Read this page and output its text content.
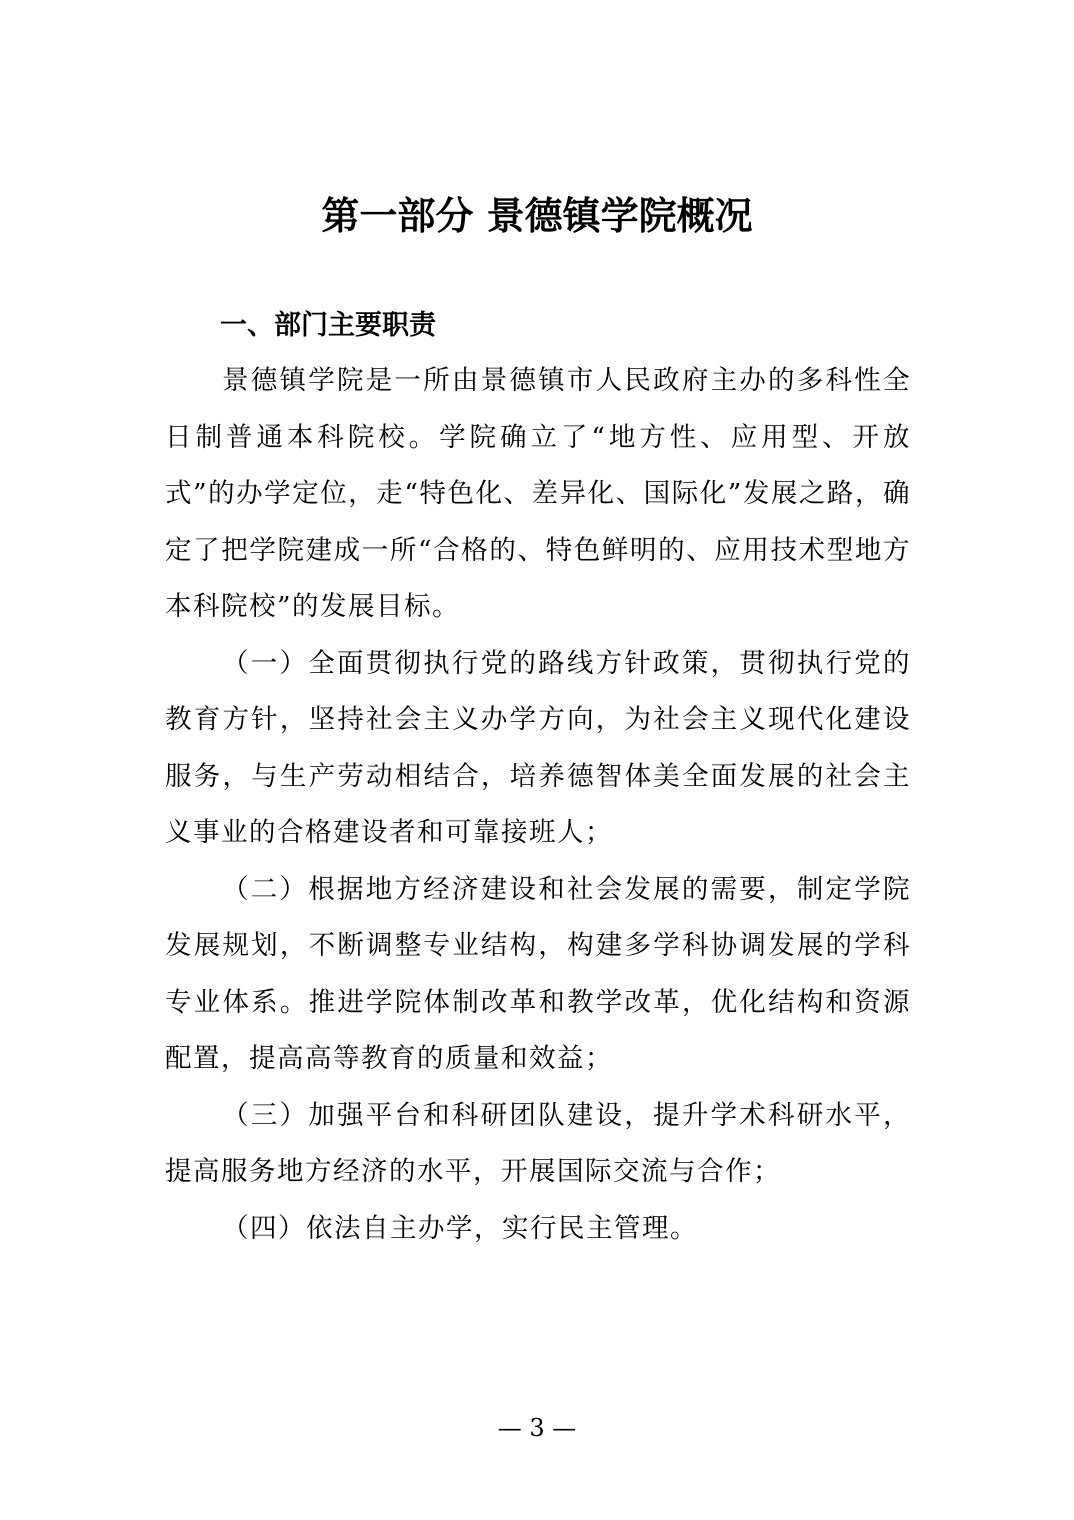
第一部分 景德镇学院概况
一、部门主要职责

景德镇学院是一所由景德镇市人民政府主办的多科性全日制普通本科院校。学院确立了“地方性、应用型、开放式”的办学定位，走“特色化、差异化、国际化”发展之路，确定了把学院建成一所“合格的、特色鲜明的、应用技术型地方本科院校”的发展目标。

（一）全面贯彻执行党的路线方针政策，贯彻执行党的教育方针，坚持社会主义办学方向，为社会主义现代化建设服务，与生产劳动相结合，培养德智体美全面发展的社会主义事业的合格建设者和可靠接班人；

（二）根据地方经济建设和社会发展的需要，制定学院发展规划，不断调整专业结构，构建多学科协调发展的学科专业体系。推进学院体制改革和教学改革，优化结构和资源配置，提高高等教育的质量和效益；

（三）加强平台和科研团队建设，提升学术科研水平，提高服务地方经济的水平，开展国际交流与合作；

（四）依法自主办学，实行民主管理。

— 3 —
